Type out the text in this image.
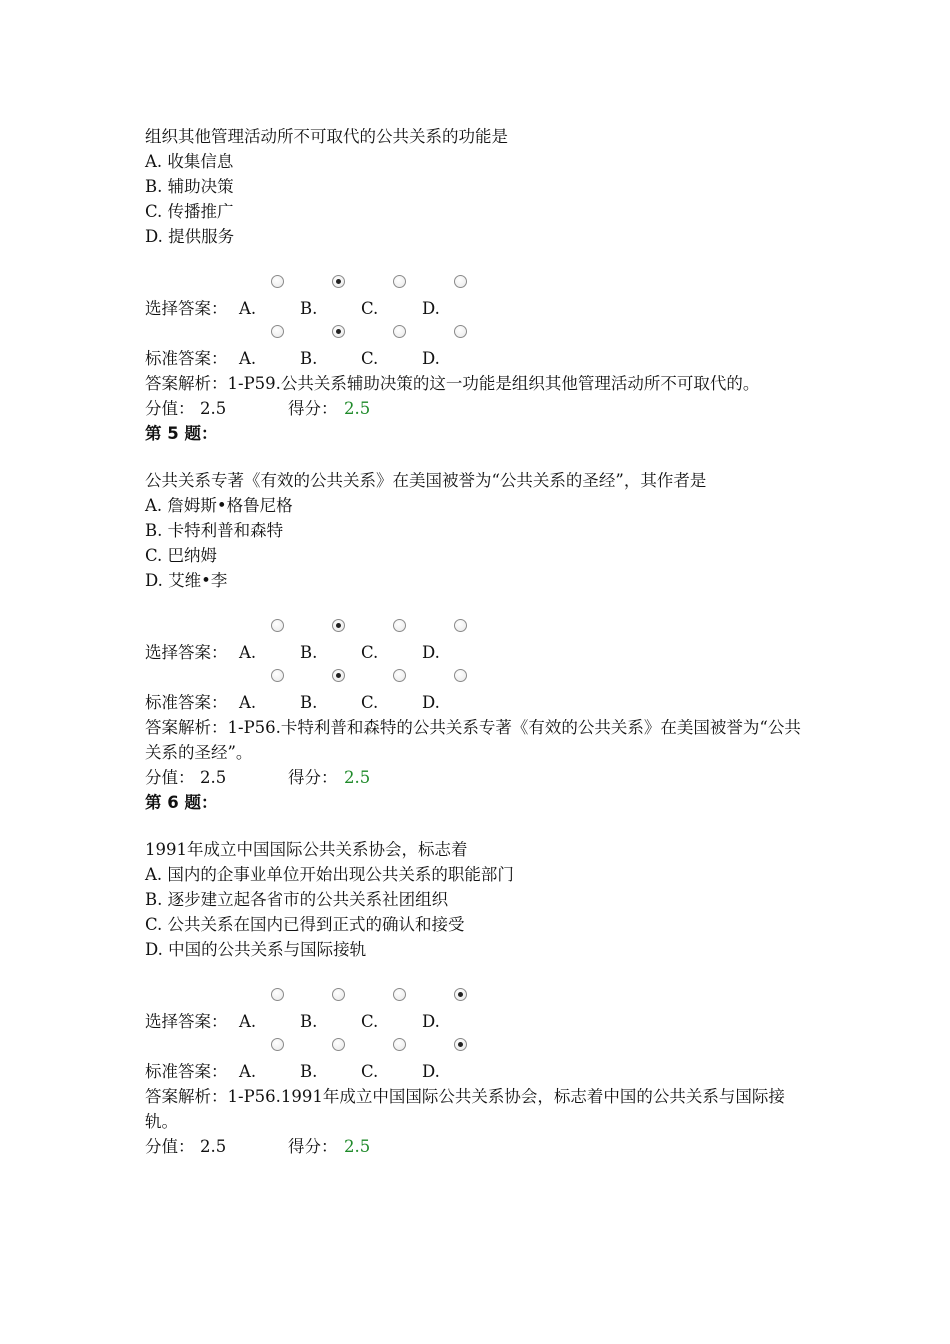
组织其他管理活动所不可取代的公共关系的功能是
A. 收集信息
B. 辅助决策
C. 传播推广
D. 提供服务
选择答案： A.	B.	C.	D.
标准答案： A.	B.	C.	D.
答案解析：1-P59.公共关系辅助决策的这一功能是组织其他管理活动所不可取代的。
分值： 2.5	得分： 2.5
第 5 题：
公共关系专著《有效的公共关系》在美国被誉为“公共关系的圣经”，其作者是
A. 詹姆斯•格鲁尼格
B. 卡特利普和森特
C. 巴纳姆
D. 艾维•李
选择答案： A.	B.	C.	D.
标准答案： A.	B.	C.	D.
答案解析：1-P56.卡特利普和森特的公共关系专著《有效的公共关系》在美国被誉为“公共关系的圣经”。
分值： 2.5	得分： 2.5
第 6 题：
1991年成立中国国际公共关系协会，标志着
A. 国内的企事业单位开始出现公共关系的职能部门
B. 逐步建立起各省市的公共关系社团组织
C. 公共关系在国内已得到正式的确认和接受
D. 中国的公共关系与国际接轨
选择答案： A.	B.	C.	D.
标准答案： A.	B.	C.	D.
答案解析：1-P56.1991年成立中国国际公共关系协会，标志着中国的公共关系与国际接轨。
分值： 2.5	得分： 2.5
